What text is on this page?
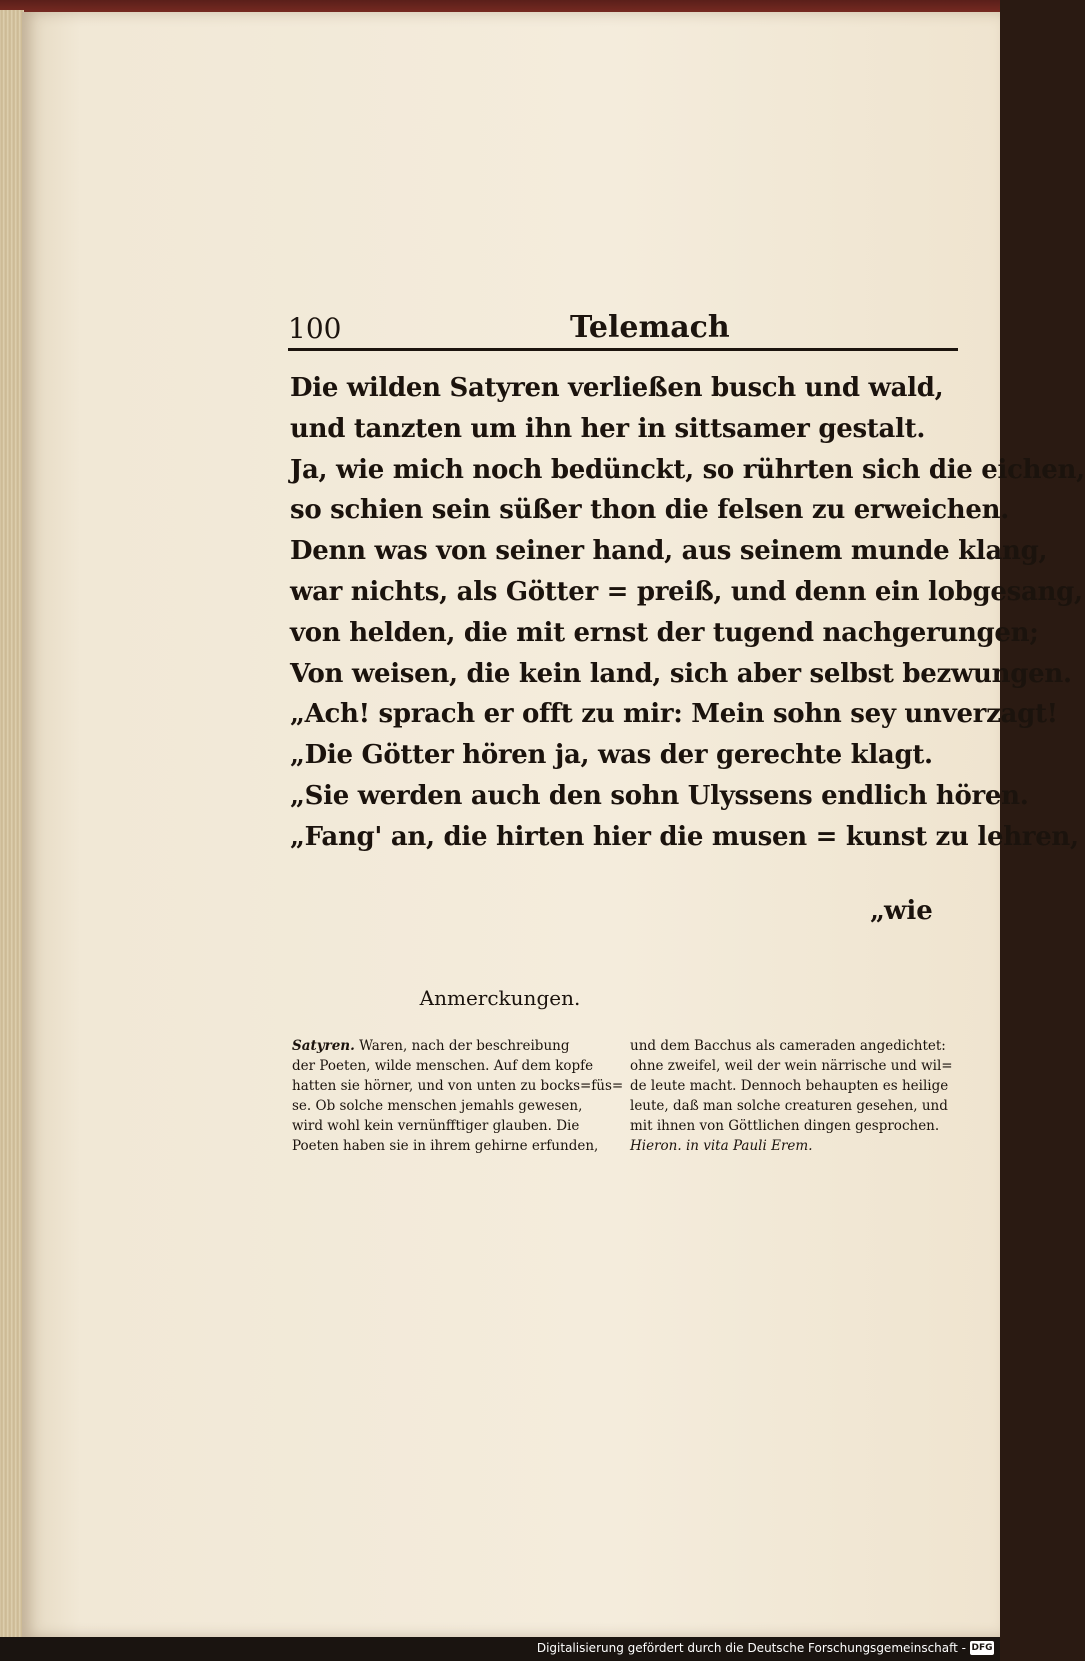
100	Telemach
Die wilden Satyren verließen busch und wald,
und tanzten um ihn her in sittsamer gestalt.
Ja, wie mich noch bedünckt, so rührten sich die eichen,
so schien sein süßer thon die felsen zu erweichen.
Denn was von seiner hand, aus seinem munde klang,
war nichts, als Götter = preiß, und denn ein lobgesang,
von helden, die mit ernst der tugend nachgerungen;
Von weisen, die kein land, sich aber selbst bezwungen.
„Ach! sprach er offt zu mir: Mein sohn sey unverzagt!
„Die Götter hören ja, was der gerechte klagt.
„Sie werden auch den sohn Ulyssens endlich hören.
„Fang' an, die hirten hier die musen = kunst zu lehren,
„wie
Anmerckungen.
Satyren. Waren, nach der beschreibung
der Poeten, wilde menschen. Auf dem kopfe
hatten sie hörner, und von unten zu bocks=füs=
se. Ob solche menschen jemahls gewesen,
wird wohl kein vernünfftiger glauben. Die
Poeten haben sie in ihrem gehirne erfunden,
und dem Bacchus als cameraden angedichtet:
ohne zweifel, weil der wein närrische und wil=
de leute macht. Dennoch behaupten es heilige
leute, daß man solche creaturen gesehen, und
mit ihnen von Göttlichen dingen gesprochen.
Hieron. in vita Pauli Erem.
Digitalisierung gefördert durch die Deutsche Forschungsgemeinschaft - DFG
